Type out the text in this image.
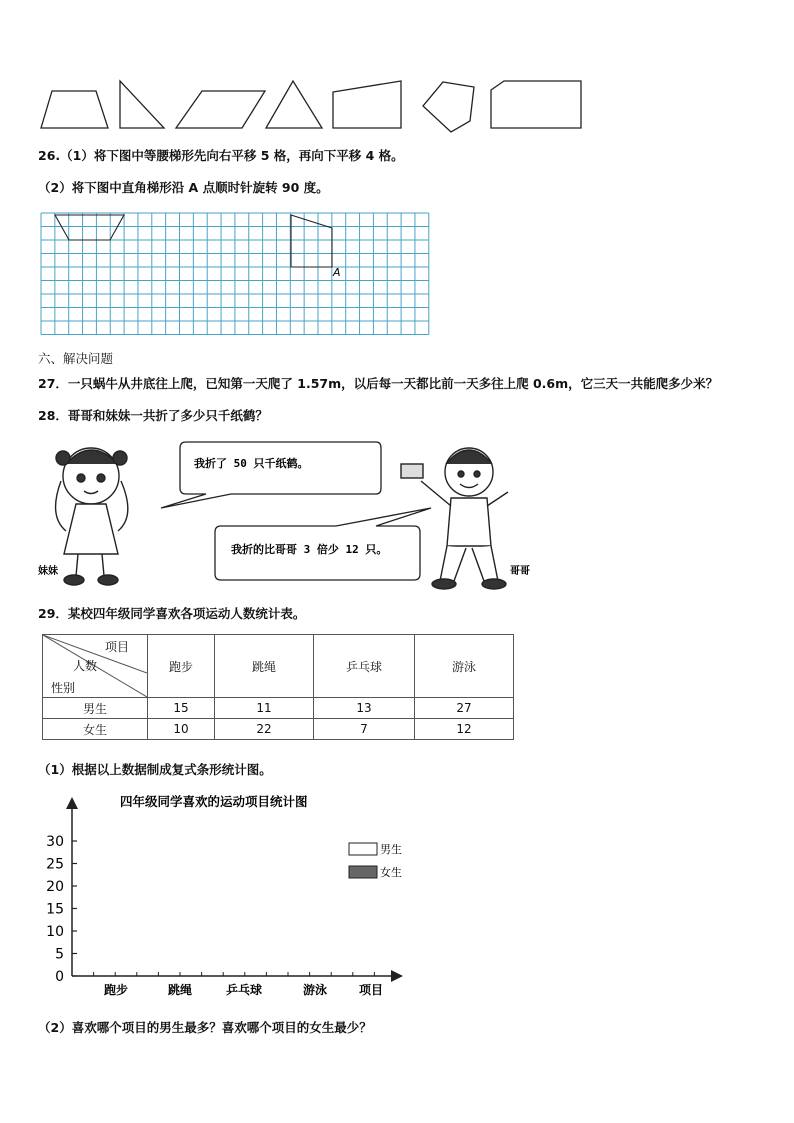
26.（1）将下图中等腰梯形先向右平移 5 格，再向下平移 4 格。
（2）将下图中直角梯形沿 A 点顺时针旋转 90 度。
A
六、解决问题
27．一只蜗牛从井底往上爬，已知第一天爬了 1.57m，以后每一天都比前一天多往上爬 0.6m，它三天一共能爬多少米？
28．哥哥和妹妹一共折了多少只千纸鹤？
我折了 50 只千纸鹤。
我折的比哥哥 3 倍少 12 只。
妹妹	哥哥
29．某校四年级同学喜欢各项运动人数统计表。
项目
人数
性别	跑步	跳绳	乒乓球	游泳
男生	15	11	13	27
女生	10	22	7	12
（1）根据以上数据制成复式条形统计图。
四年级同学喜欢的运动项目统计图
0
5
10
15
20
25
30
跑步	跳绳	乒乓球	游泳	项目
男生
女生
（2）喜欢哪个项目的男生最多？喜欢哪个项目的女生最少？
